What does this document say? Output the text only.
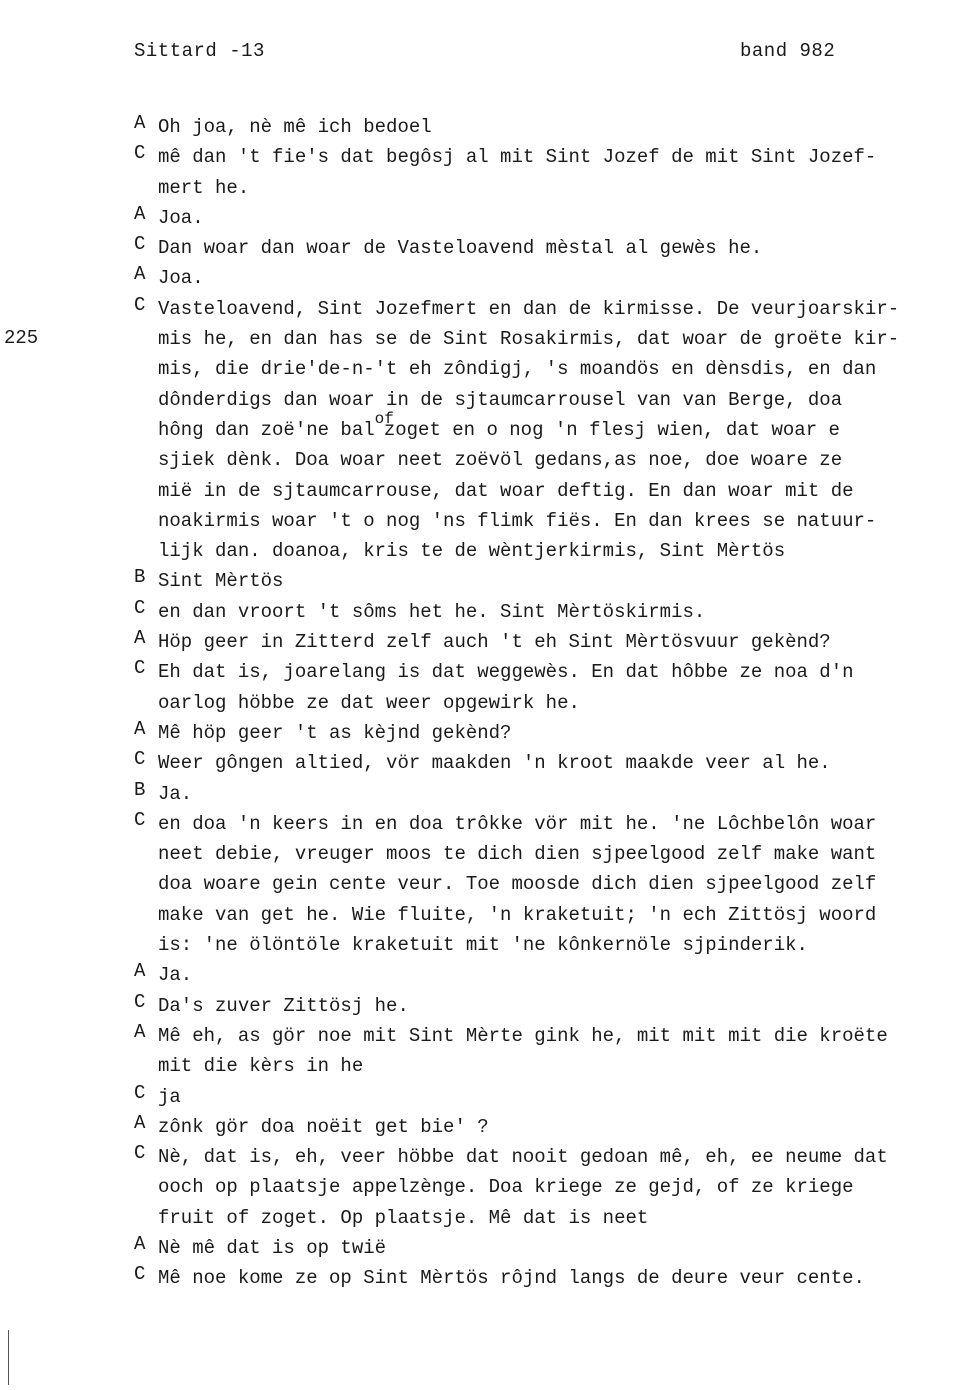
Sittard -13	band 982
225
A Oh joa, nè mê ich bedoel
C mê dan 't fie's dat begôsj al mit Sint Jozef de mit Sint Jozef-
mert he.
A Joa.
C Dan woar dan woar de Vasteloavend mèstal al gewès he.
A Joa.
C Vasteloavend, Sint Jozefmert en dan de kirmisse. De veurjoarskir-
mis he, en dan has se de Sint Rosakirmis, dat woar de groëte kir-
mis, die drie'de-n-'t eh zôndigj, 's moandös en dènsdis, en dan
dônderdigs dan woar in de sjtaumcarrousel van van Berge, doa
hông dan zoë'ne bal$^{of}$zoget en o nog 'n flesj wien, dat woar e
sjiek dènk. Doa woar neet zoëvöl gedans,as noe, doe woare ze
mië in de sjtaumcarrouse, dat woar deftig. En dan woar mit de
noakirmis woar 't o nog 'ns flimk fiës. En dan krees se natuur-
lijk dan. doanoa, kris te de wèntjerkirmis, Sint Mèrtös
B Sint Mèrtös
C en dan vroort 't sôms het he. Sint Mèrtöskirmis.
A Höp geer in Zitterd zelf auch 't eh Sint Mèrtösvuur gekènd?
C Eh dat is, joarelang is dat weggewès. En dat hôbbe ze noa d'n
oarlog höbbe ze dat weer opgewirk he.
A Mê höp geer 't as kèjnd gekènd?
C Weer gôngen altied, vör maakden 'n kroot maakde veer al he.
B Ja.
C en doa 'n keers in en doa trôkke vör mit he. 'ne Lôchbelôn woar
neet debie, vreuger moos te dich dien sjpeelgood zelf make want
doa woare gein cente veur. Toe moosde dich dien sjpeelgood zelf
make van get he. Wie fluite, 'n kraketuit; 'n ech Zittösj woord
is: 'ne ölöntöle kraketuit mit 'ne kônkernöle sjpinderik.
A Ja.
C Da's zuver Zittösj he.
A Mê eh, as gör noe mit Sint Mèrte gink he, mit mit mit die kroëte
mit die kèrs in he
C ja
A zônk gör doa noëit get bie' ?
C Nè, dat is, eh, veer höbbe dat nooit gedoan mê, eh, ee neume dat
ooch op plaatsje appelzènge. Doa kriege ze gejd, of ze kriege
fruit of zoget. Op plaatsje. Mê dat is neet
A Nè mê dat is op twië
C Mê noe kome ze op Sint Mèrtös rôjnd langs de deure veur cente.
